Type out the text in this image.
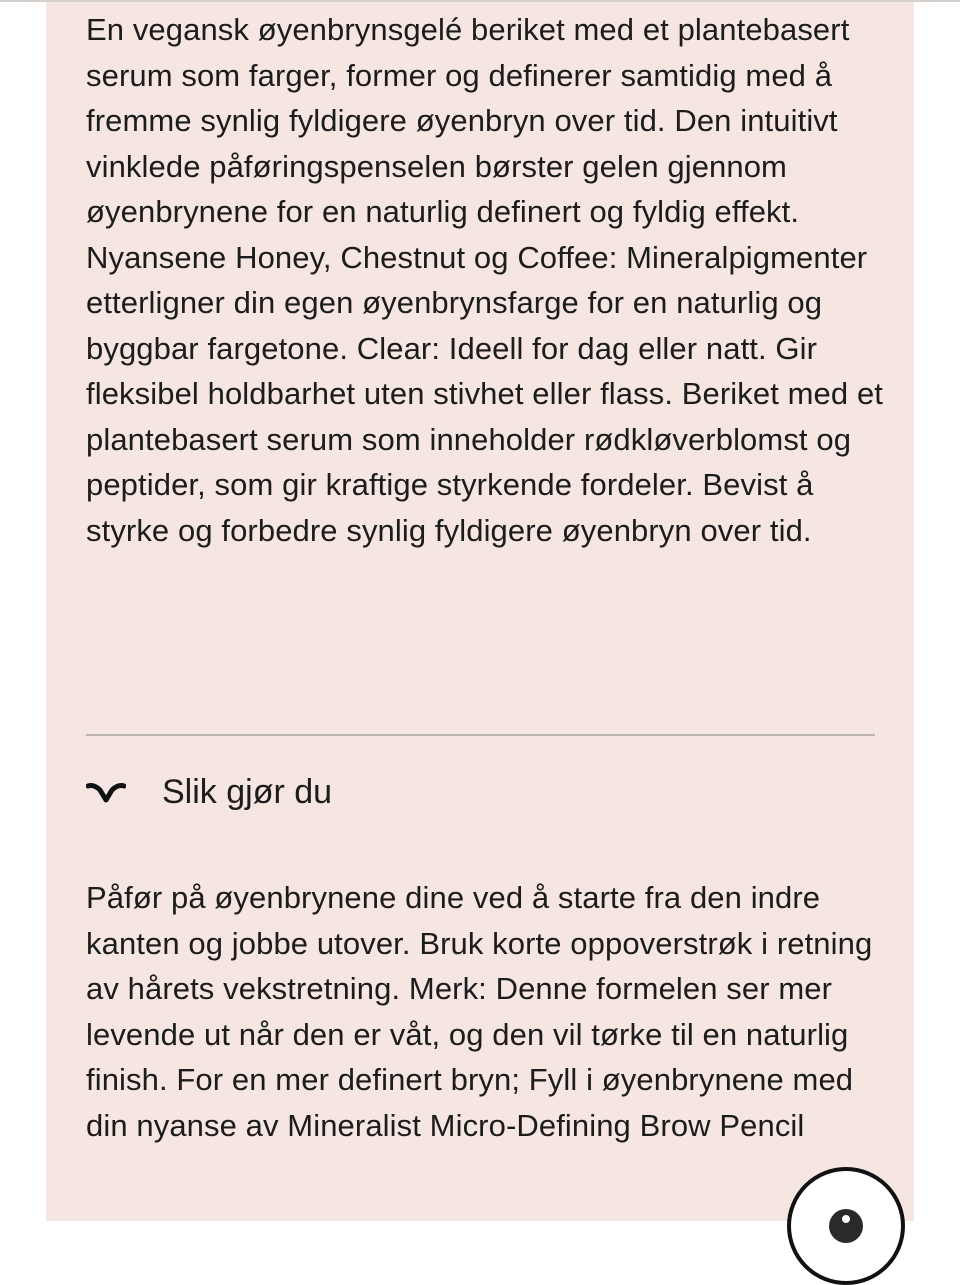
En vegansk øyenbrynsgelé beriket med et plantebasert serum som farger, former og definerer samtidig med å fremme synlig fyldigere øyenbryn over tid. Den intuitivt vinklede påføringspenselen børster gelen gjennom øyenbrynene for en naturlig definert og fyldig effekt. Nyansene Honey, Chestnut og Coffee: Mineralpigmenter etterligner din egen øyenbrynsfarge for en naturlig og byggbar fargetone. Clear: Ideell for dag eller natt. Gir fleksibel holdbarhet uten stivhet eller flass. Beriket med et plantebasert serum som inneholder rødkløverblomst og peptider, som gir kraftige styrkende fordeler. Bevist å styrke og forbedre synlig fyldigere øyenbryn over tid.

Slik gjør du

Påfør på øyenbrynene dine ved å starte fra den indre kanten og jobbe utover. Bruk korte oppoverstrøk i retning av hårets vekstretning. Merk: Denne formelen ser mer levende ut når den er våt, og den vil tørke til en naturlig finish. For en mer definert bryn; Fyll i øyenbrynene med din nyanse av Mineralist Micro-Defining Brow Pencil
